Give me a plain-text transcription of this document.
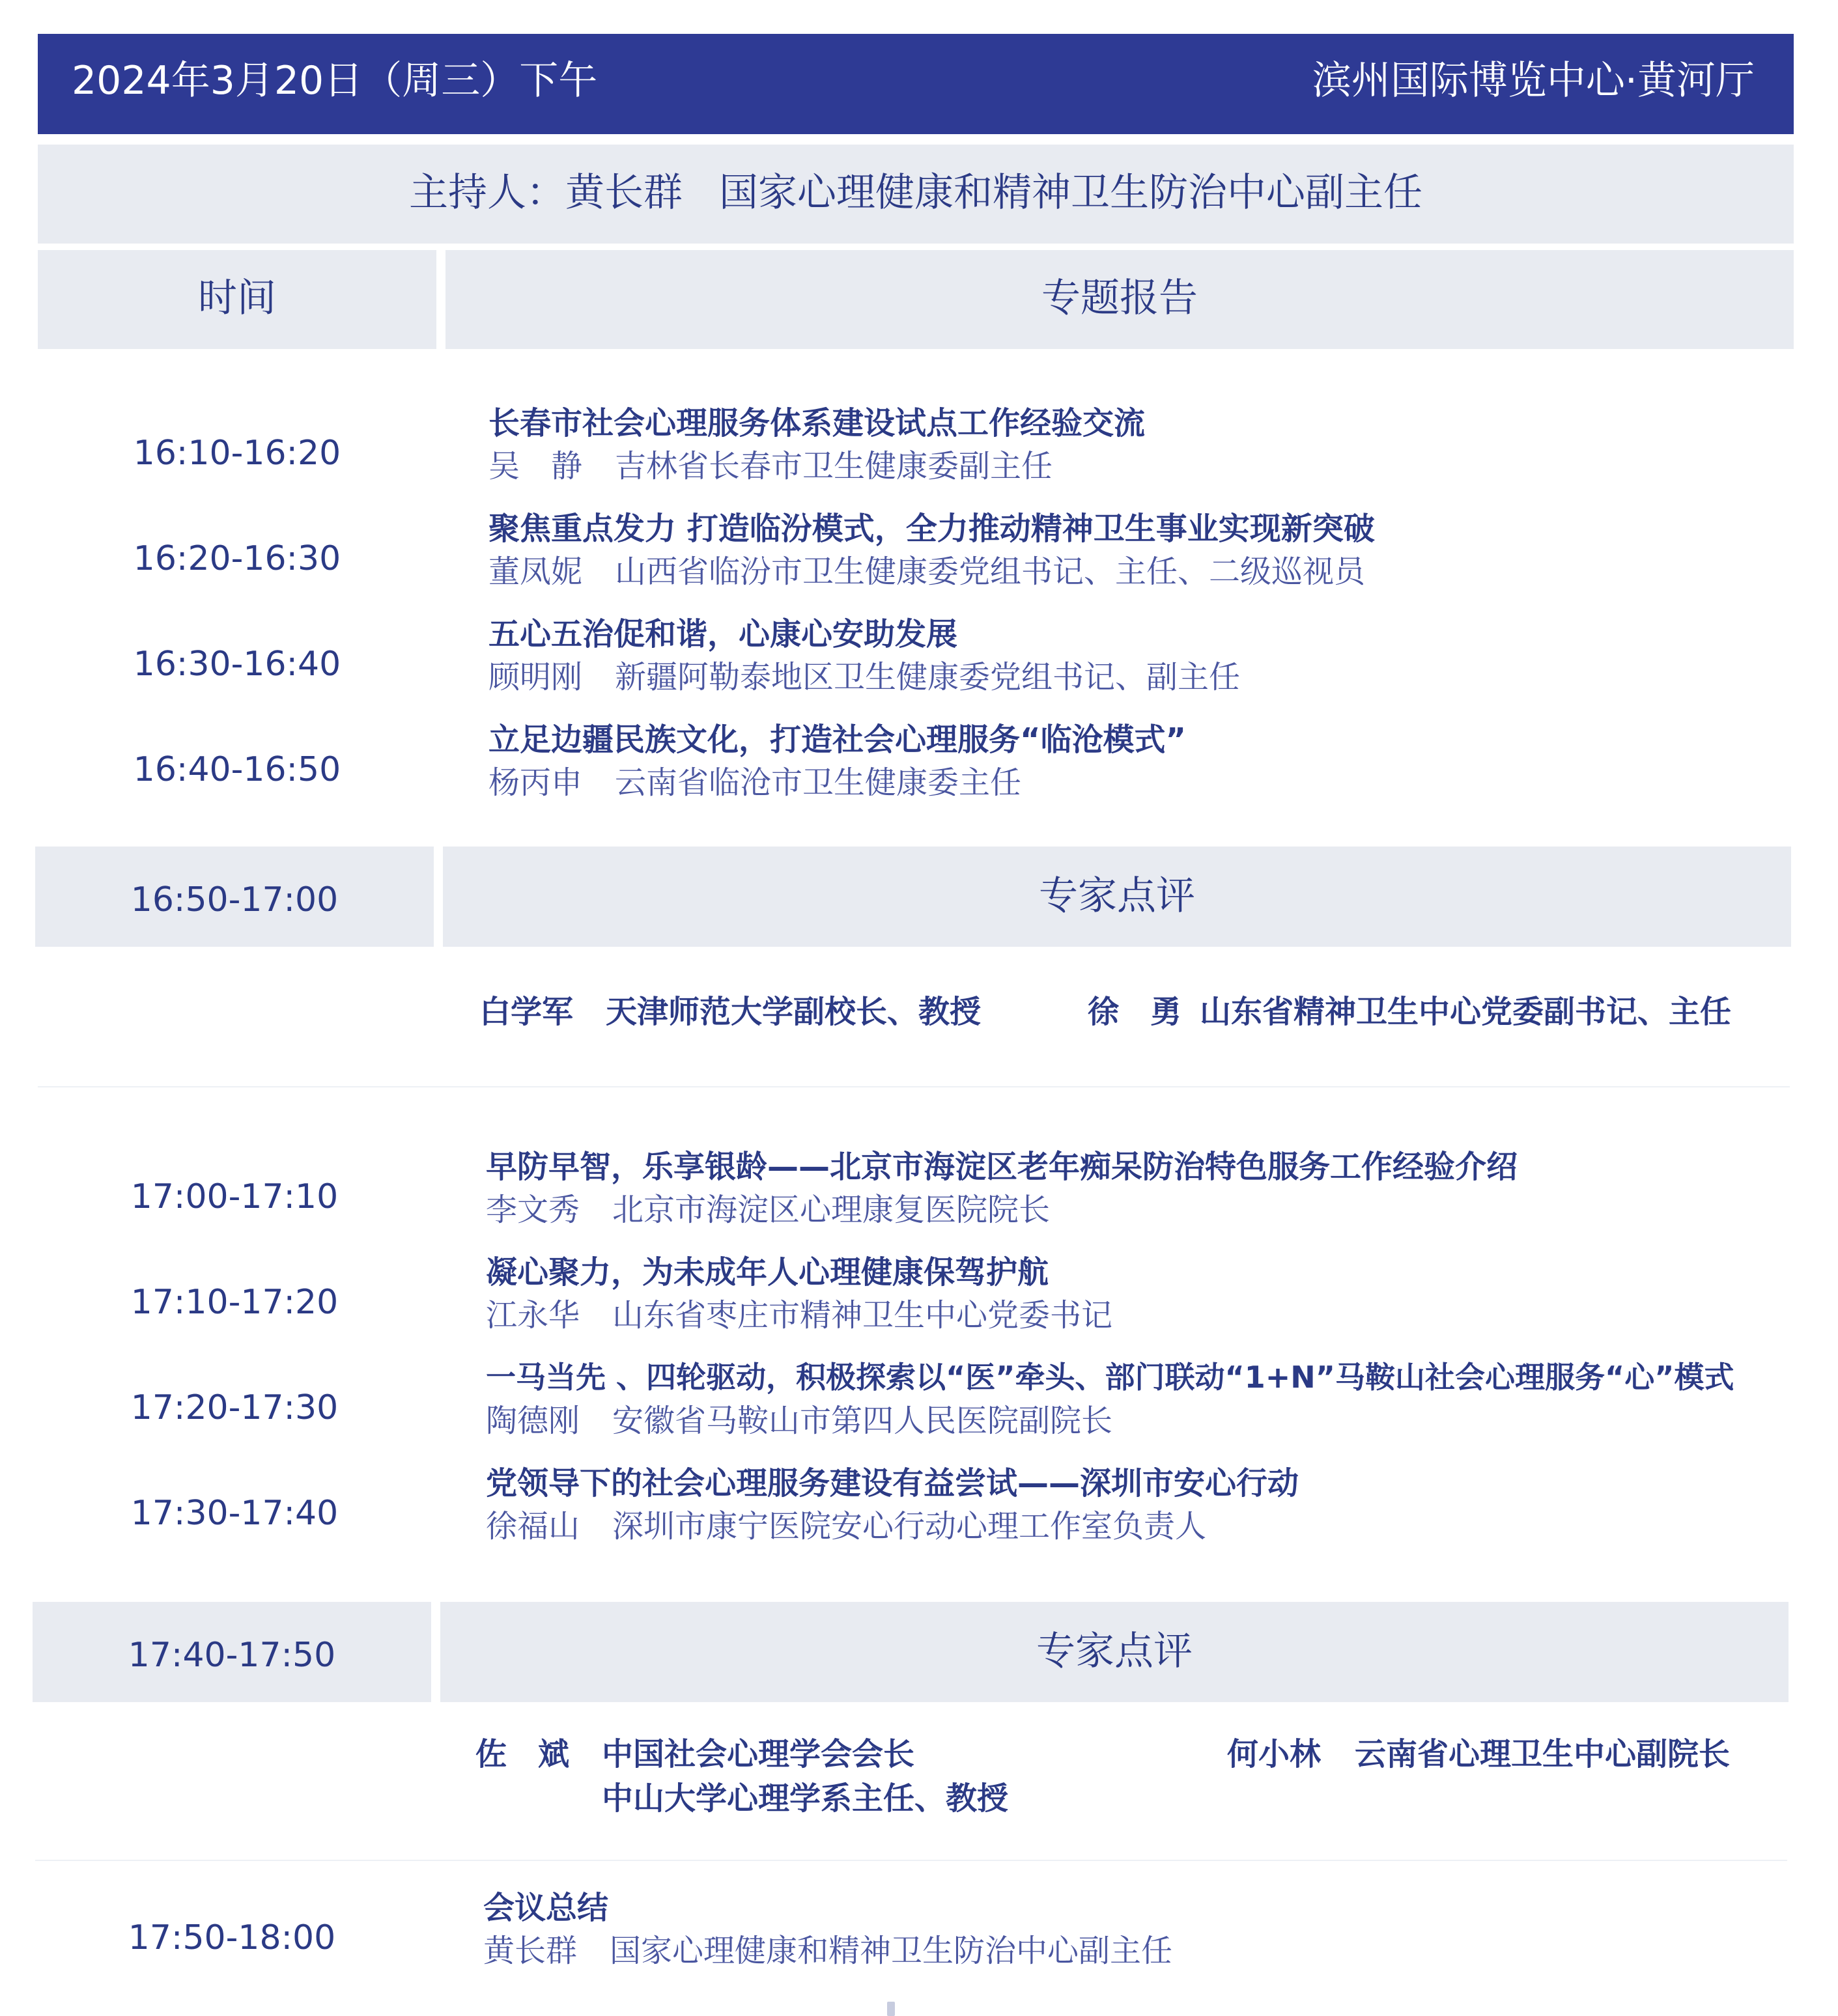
2024年3月20日（周三）下午	滨州国际博览中心·黄河厅
主持人：黄长群 国家心理健康和精神卫生防治中心副主任
时间	专题报告
16:10-16:20
长春市社会心理服务体系建设试点工作经验交流
吴　静 吉林省长春市卫生健康委副主任
16:20-16:30
聚焦重点发力 打造临汾模式，全力推动精神卫生事业实现新突破
董凤妮 山西省临汾市卫生健康委党组书记、主任、二级巡视员
16:30-16:40
五心五治促和谐，心康心安助发展
顾明刚 新疆阿勒泰地区卫生健康委党组书记、副主任
16:40-16:50
立足边疆民族文化，打造社会心理服务“临沧模式”
杨丙申 云南省临沧市卫生健康委主任
16:50-17:00	专家点评
白学军 天津师范大学副校长、教授	徐　勇 山东省精神卫生中心党委副书记、主任
17:00-17:10
早防早智，乐享银龄——北京市海淀区老年痴呆防治特色服务工作经验介绍
李文秀 北京市海淀区心理康复医院院长
17:10-17:20
凝心聚力，为未成年人心理健康保驾护航
江永华 山东省枣庄市精神卫生中心党委书记
17:20-17:30
一马当先 、四轮驱动，积极探索以“医”牵头、部门联动“1+N”马鞍山社会心理服务“心”模式
陶德刚 安徽省马鞍山市第四人民医院副院长
17:30-17:40
党领导下的社会心理服务建设有益尝试——深圳市安心行动
徐福山 深圳市康宁医院安心行动心理工作室负责人
17:40-17:50	专家点评
佐　斌 中国社会心理学会会长
中山大学心理学系主任、教授
何小林 云南省心理卫生中心副院长
17:50-18:00
会议总结
黄长群 国家心理健康和精神卫生防治中心副主任
